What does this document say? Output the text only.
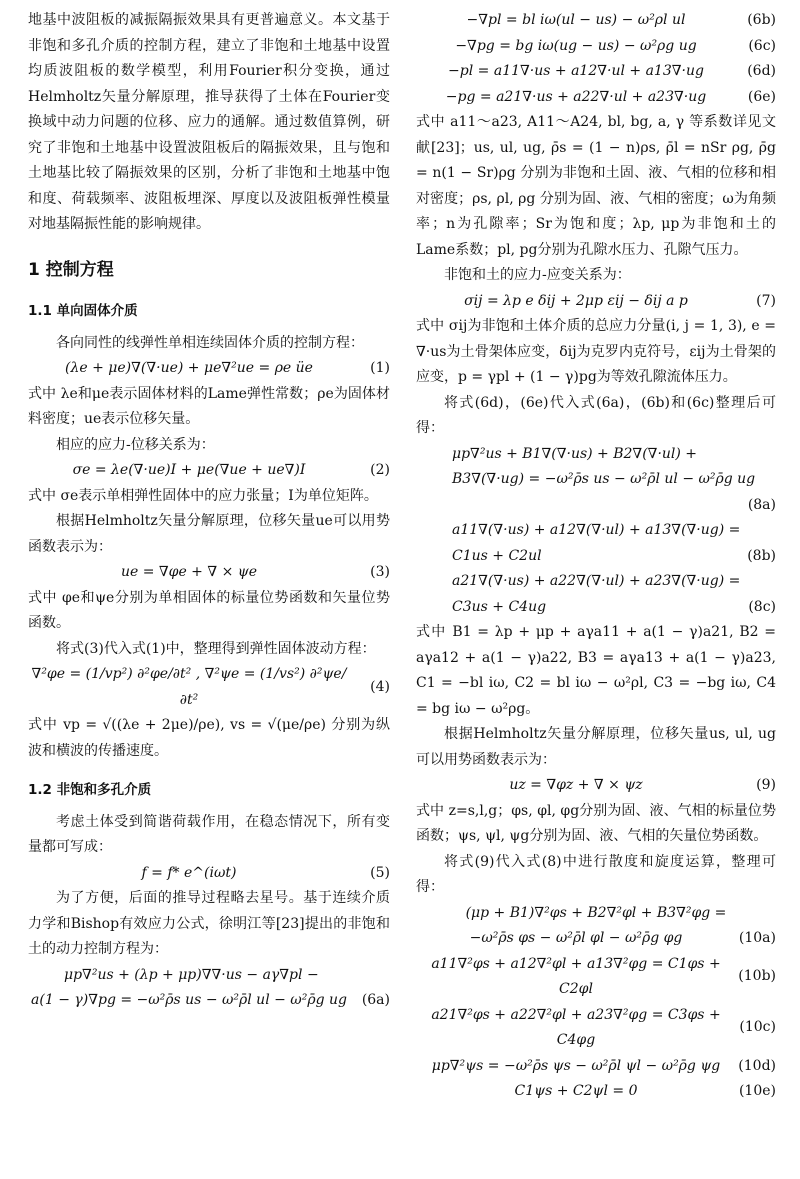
地基中波阻板的减振隔振效果具有更普遍意义。本文基于非饱和多孔介质的控制方程，建立了非饱和土地基中设置均质波阻板的数学模型，利用Fourier积分变换，通过Helmholtz矢量分解原理，推导获得了土体在Fourier变换域中动力问题的位移、应力的通解。通过数值算例，研究了非饱和土地基中设置波阻板后的隔振效果，且与饱和土地基比较了隔振效果的区别，分析了非饱和土地基中饱和度、荷载频率、波阻板埋深、厚度以及波阻板弹性模量对地基隔振性能的影响规律。

1 控制方程
1.1 单向固体介质

各向同性的线弹性单相连续固体介质的控制方程：

(λe + μe)∇(∇·ue) + μe∇²ue = ρe üe	(1)

式中 λe和μe表示固体材料的Lame弹性常数；ρe为固体材料密度；ue表示位移矢量。

相应的应力-位移关系为：

σe = λe(∇·ue)I + μe(∇ue + ue∇)I	(2)

式中 σe表示单相弹性固体中的应力张量；I为单位矩阵。

根据Helmholtz矢量分解原理，位移矢量ue可以用势函数表示为：

ue = ∇φe + ∇ × ψe	(3)

式中 φe和ψe分别为单相固体的标量位势函数和矢量位势函数。

将式(3)代入式(1)中，整理得到弹性固体波动方程：

∇²φe = (1/vp²) ∂²φe/∂t² , ∇²ψe = (1/vs²) ∂²ψe/∂t²
(4)

式中 vp = √((λe + 2μe)/ρe), vs = √(μe/ρe) 分别为纵波和横波的传播速度。

1.2 非饱和多孔介质

考虑土体受到简谐荷载作用，在稳态情况下，所有变量都可写成：

f = f* e^(iωt)	(5)

为了方便，后面的推导过程略去星号。基于连续介质力学和Bishop有效应力公式，徐明江等[23]提出的非饱和土的动力控制方程为：

μp∇²us + (λp + μp)∇∇·us − aγ∇pl −
a(1 − γ)∇pg = −ω²ρ̄s us − ω²ρ̄l ul − ω²ρ̄g ug	(6a)
−∇pl = bl iω(ul − us) − ω²ρl ul	(6b)
−∇pg = bg iω(ug − us) − ω²ρg ug	(6c)
−pl = a11∇·us + a12∇·ul + a13∇·ug	(6d)
−pg = a21∇·us + a22∇·ul + a23∇·ug	(6e)

式中 a11～a23, A11～A24, bl, bg, a, γ 等系数详见文献[23]；us, ul, ug, ρ̄s = (1 − n)ρs, ρ̄l = nSr ρg, ρ̄g = n(1 − Sr)ρg 分别为非饱和土固、液、气相的位移和相对密度；ρs, ρl, ρg 分别为固、液、气相的密度；ω为角频率；n为孔隙率；Sr为饱和度；λp, μp为非饱和土的Lame系数；pl, pg分别为孔隙水压力、孔隙气压力。

非饱和土的应力-应变关系为：

σij = λp e δij + 2μp εij − δij a p	(7)

式中 σij为非饱和土体介质的总应力分量(i, j = 1, 3), e = ∇·us为土骨架体应变，δij为克罗内克符号，εij为土骨架的应变，p = γpl + (1 − γ)pg为等效孔隙流体压力。

将式(6d)，(6e)代入式(6a)，(6b)和(6c)整理后可得：

μp∇²us + B1∇(∇·us) + B2∇(∇·ul) +
B3∇(∇·ug) = −ω²ρ̄s us − ω²ρ̄l ul − ω²ρ̄g ug
(8a)
a11∇(∇·us) + a12∇(∇·ul) + a13∇(∇·ug) =
C1us + C2ul	(8b)
a21∇(∇·us) + a22∇(∇·ul) + a23∇(∇·ug) =
C3us + C4ug	(8c)

式中 B1 = λp + μp + aγa11 + a(1 − γ)a21, B2 = aγa12 + a(1 − γ)a22, B3 = aγa13 + a(1 − γ)a23, C1 = −bl iω, C2 = bl iω − ω²ρl, C3 = −bg iω, C4 = bg iω − ω²ρg。

根据Helmholtz矢量分解原理，位移矢量us, ul, ug可以用势函数表示为：

uz = ∇φz + ∇ × ψz	(9)

式中 z=s,l,g；φs, φl, φg分别为固、液、气相的标量位势函数；ψs, ψl, ψg分别为固、液、气相的矢量位势函数。

将式(9)代入式(8)中进行散度和旋度运算，整理可得：

(μp + B1)∇²φs + B2∇²φl + B3∇²φg =
−ω²ρ̄s φs − ω²ρ̄l φl − ω²ρ̄g φg	(10a)
a11∇²φs + a12∇²φl + a13∇²φg = C1φs + C2φl
(10b)
a21∇²φs + a22∇²φl + a23∇²φg = C3φs + C4φg
(10c)
μp∇²ψs = −ω²ρ̄s ψs − ω²ρ̄l ψl − ω²ρ̄g ψg	(10d)
C1ψs + C2ψl = 0	(10e)
